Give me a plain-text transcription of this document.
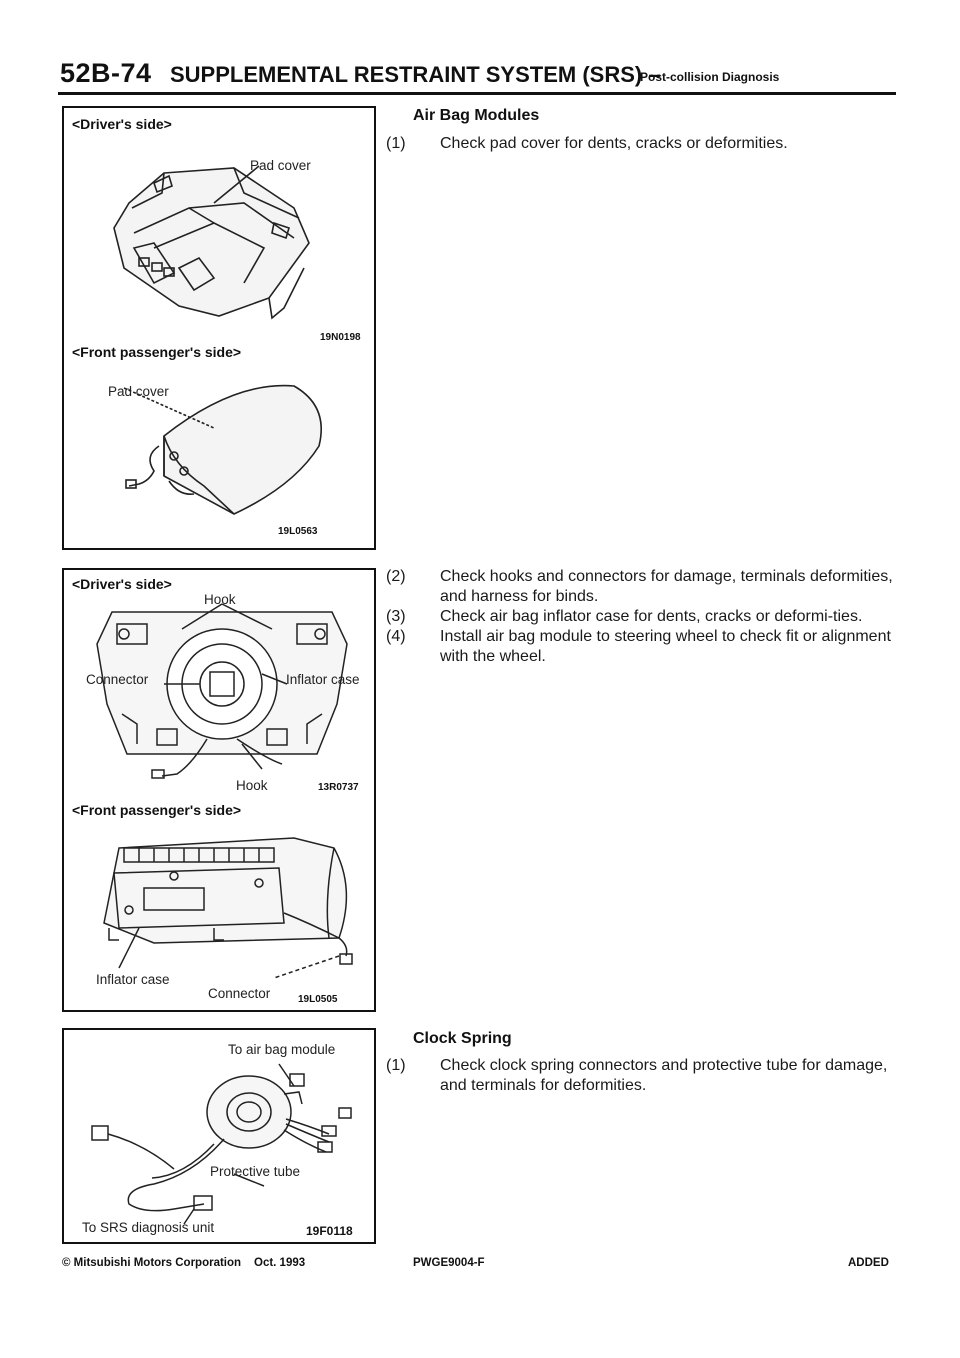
52B-74 SUPPLEMENTAL RESTRAINT SYSTEM (SRS) –
Post-collision Diagnosis
<Driver's side>
Pad cover
19N0198
<Front passenger's side>
Pad cover
19L0563
<Driver's side>
Hook
Connector	Inflator case
Hook	13R0737
<Front passenger's side>
Inflator case
Connector	19L0505
To air bag module
Protective tube
To SRS diagnosis unit	19F0118
Air Bag Modules
(1) Check pad cover for dents, cracks or deformities.
(2) Check hooks and connectors for damage, terminals deformities, and harness for binds.
(3) Check air bag inflator case for dents, cracks or deformi-ties.
(4) Install air bag module to steering wheel to check fit or alignment with the wheel.
Clock Spring
(1) Check clock spring connectors and protective tube for damage, and terminals for deformities.
© Mitsubishi Motors Corporation Oct. 1993	PWGE9004-F	ADDED
